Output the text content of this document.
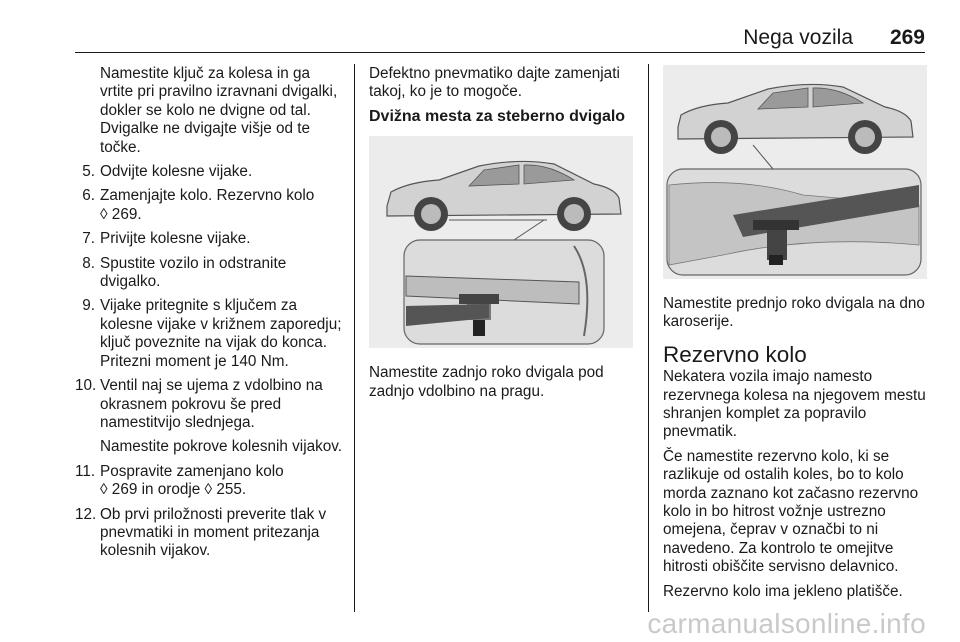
Nega vozila 269

Namestite ključ za kolesa in ga vrtite pri pravilno izravnani dvigalki, dokler se kolo ne dvigne od tal. Dvigalke ne dvigajte višje od te točke.

5. Odvijte kolesne vijake.
6. Zamenjajte kolo. Rezervno kolo
◊ 269.
7. Privijte kolesne vijake.
8. Spustite vozilo in odstranite dvigalko.
9. Vijake pritegnite s ključem za kolesne vijake v križnem zaporedju; ključ poveznite na vijak do konca. Pritezni moment je 140 Nm.
10. Ventil naj se ujema z vdolbino na okrasnem pokrovu še pred namestitvijo slednjega.

Namestite pokrove kolesnih vijakov.

11. Pospravite zamenjano kolo
◊ 269 in orodje ◊ 255.
12. Ob prvi priložnosti preverite tlak v pnevmatiki in moment pritezanja kolesnih vijakov.

Defektno pnevmatiko dajte zamenjati takoj, ko je to mogoče.

Dvižna mesta za steberno dvigalo

Namestite zadnjo roko dvigala pod zadnjo vdolbino na pragu.

Namestite prednjo roko dvigala na dno karoserije.

Rezervno kolo

Nekatera vozila imajo namesto rezervnega kolesa na njegovem mestu shranjen komplet za popravilo pnevmatik.

Če namestite rezervno kolo, ki se razlikuje od ostalih koles, bo to kolo morda zaznano kot začasno rezervno kolo in bo hitrost vožnje ustrezno omejena, čeprav v označbi to ni navedeno. Za kontrolo te omejitve hitrosti obiščite servisno delavnico.

Rezervno kolo ima jekleno platišče.

carmanualsonline.info
